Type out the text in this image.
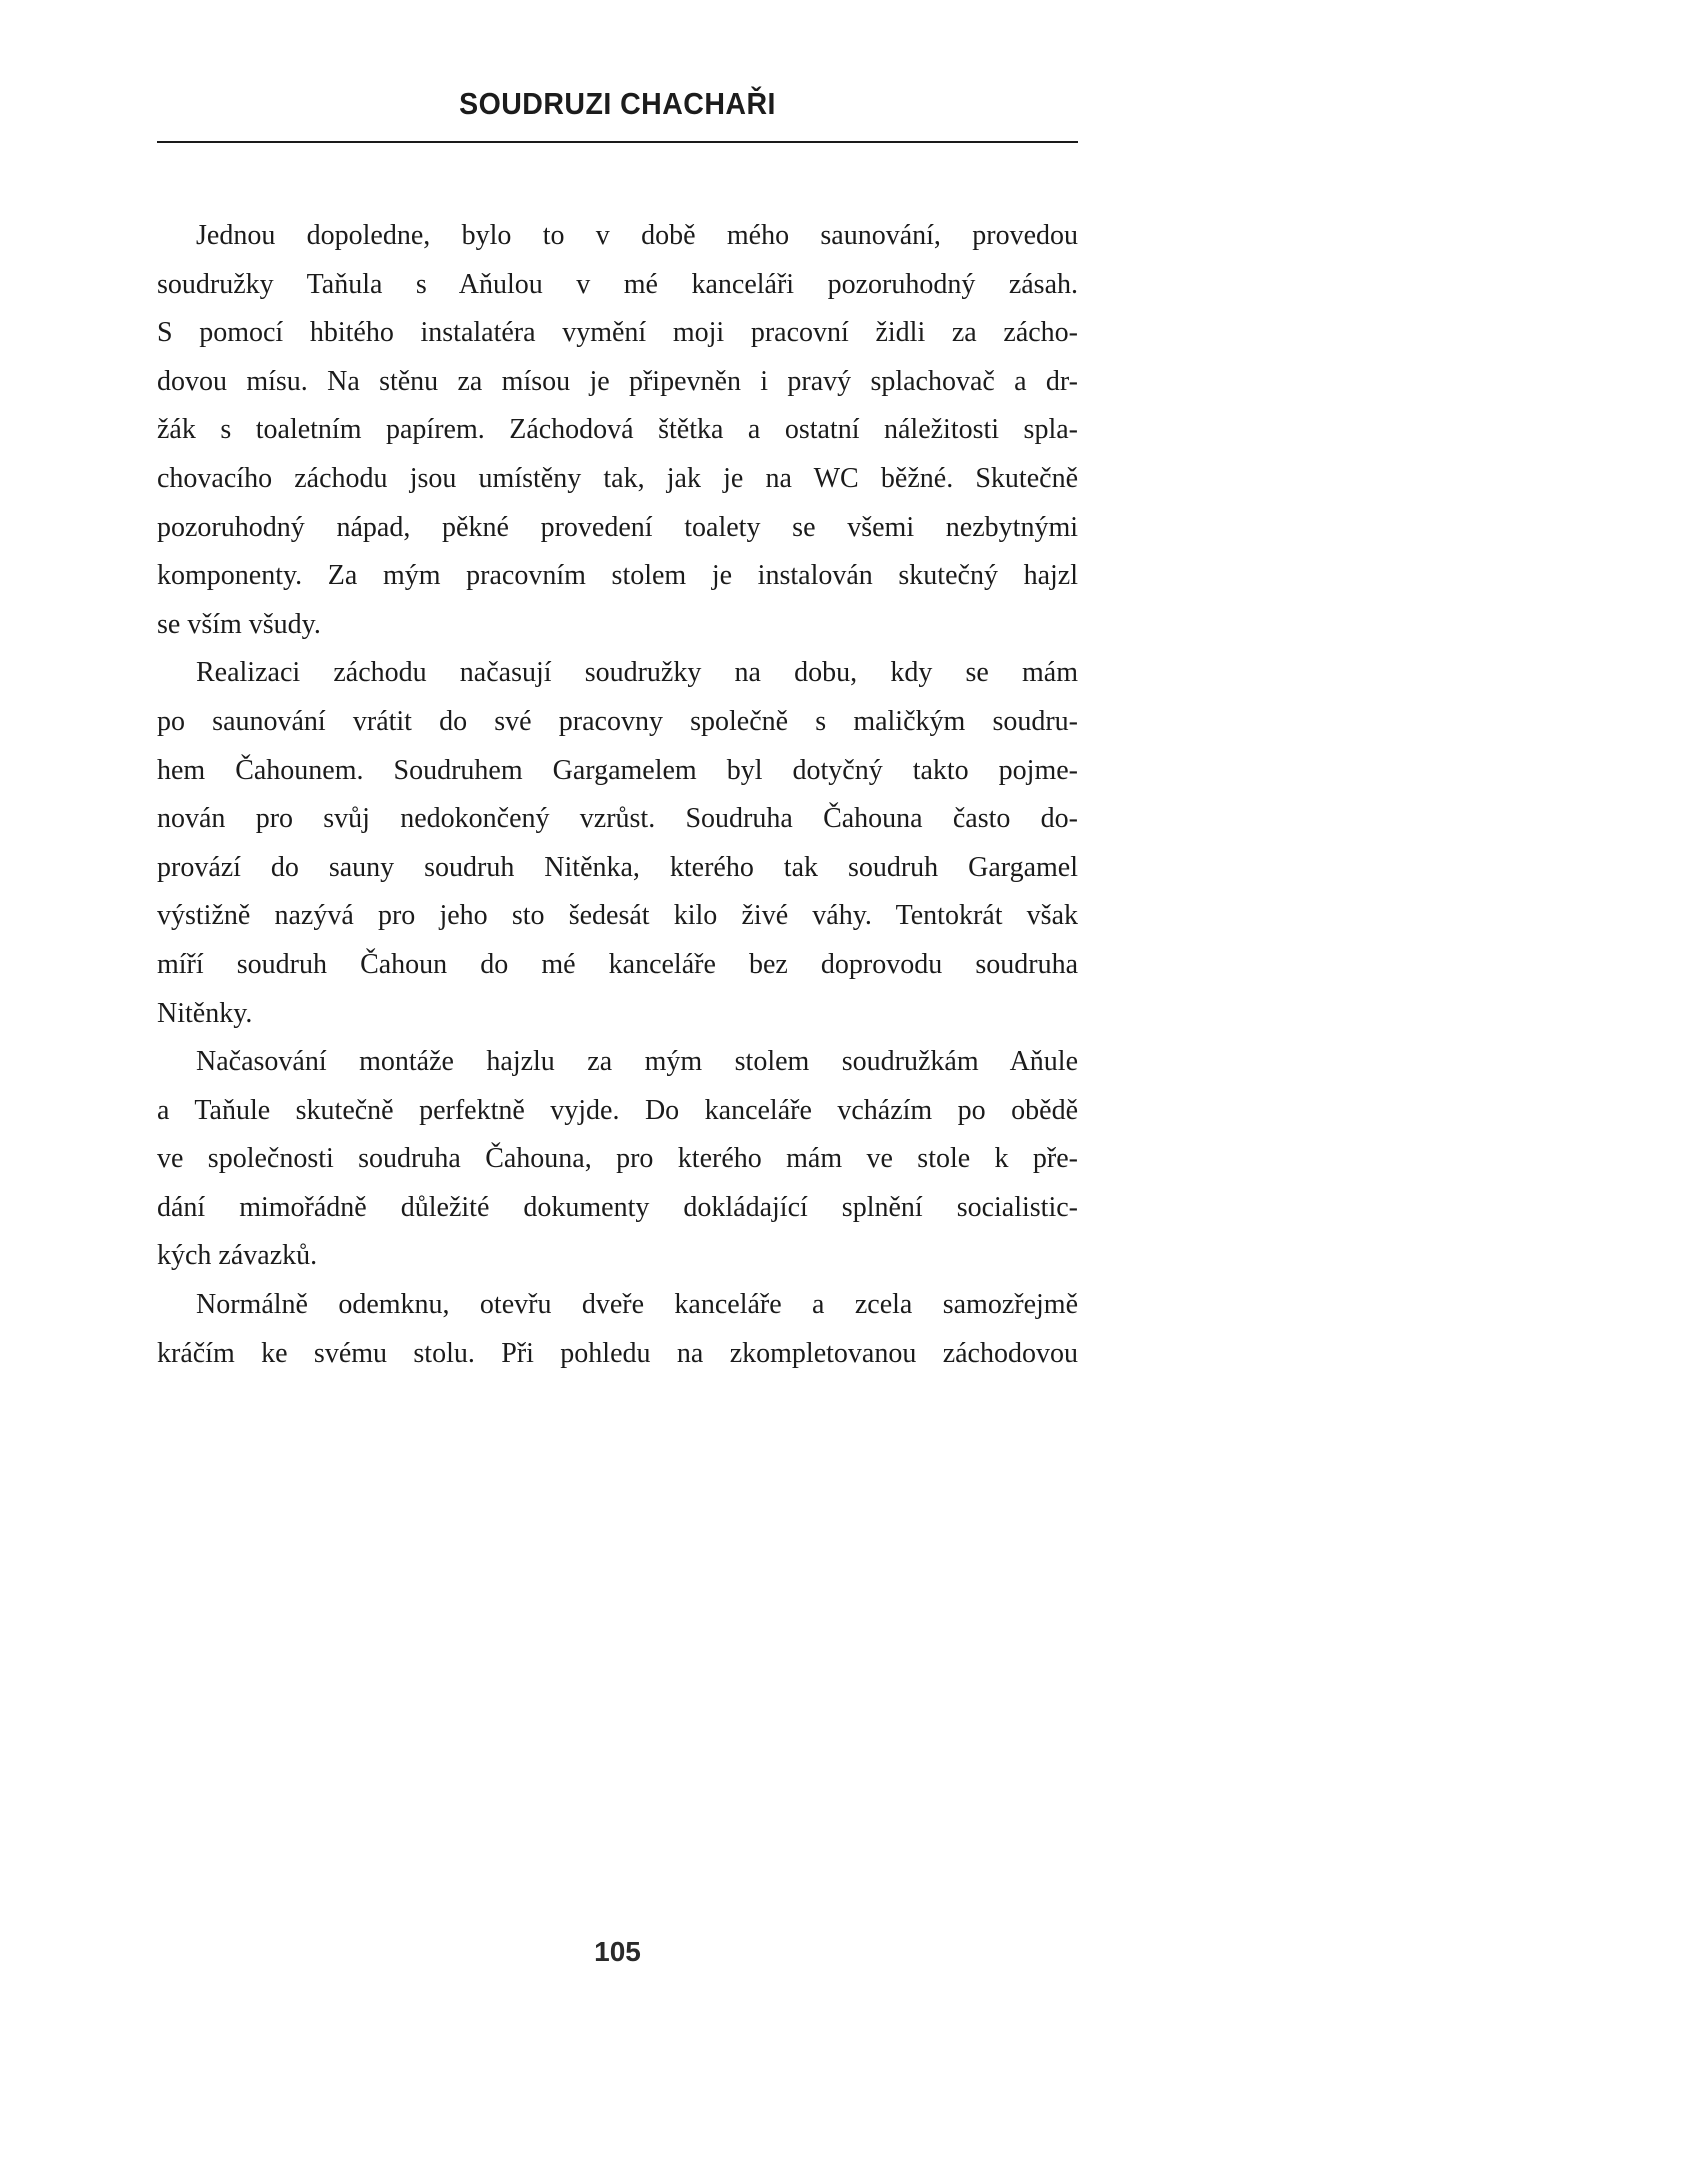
SOUDRUZI CHACHAŘI
Jednou dopoledne, bylo to v době mého saunování, provedou
soudružky Taňula s Aňulou v mé kanceláři pozoruhodný zásah.
S pomocí hbitého instalatéra vymění moji pracovní židli za zácho-
dovou mísu. Na stěnu za mísou je připevněn i pravý splachovač a dr-
žák s toaletním papírem. Záchodová štětka a ostatní náležitosti spla-
chovacího záchodu jsou umístěny tak, jak je na WC běžné. Skutečně
pozoruhodný nápad, pěkné provedení toalety se všemi nezbytnými
komponenty. Za mým pracovním stolem je instalován skutečný hajzl
se vším všudy.
Realizaci záchodu načasují soudružky na dobu, kdy se mám
po saunování vrátit do své pracovny společně s maličkým soudru-
hem Čahounem. Soudruhem Gargamelem byl dotyčný takto pojme-
nován pro svůj nedokončený vzrůst. Soudruha Čahouna často do-
provází do sauny soudruh Nitěnka, kterého tak soudruh Gargamel
výstižně nazývá pro jeho sto šedesát kilo živé váhy. Tentokrát však
míří soudruh Čahoun do mé kanceláře bez doprovodu soudruha
Nitěnky.
Načasování montáže hajzlu za mým stolem soudružkám Aňule
a Taňule skutečně perfektně vyjde. Do kanceláře vcházím po obědě
ve společnosti soudruha Čahouna, pro kterého mám ve stole k pře-
dání mimořádně důležité dokumenty dokládající splnění socialistic-
kých závazků.
Normálně odemknu, otevřu dveře kanceláře a zcela samozřejmě
kráčím ke svému stolu. Při pohledu na zkompletovanou záchodovou
105
